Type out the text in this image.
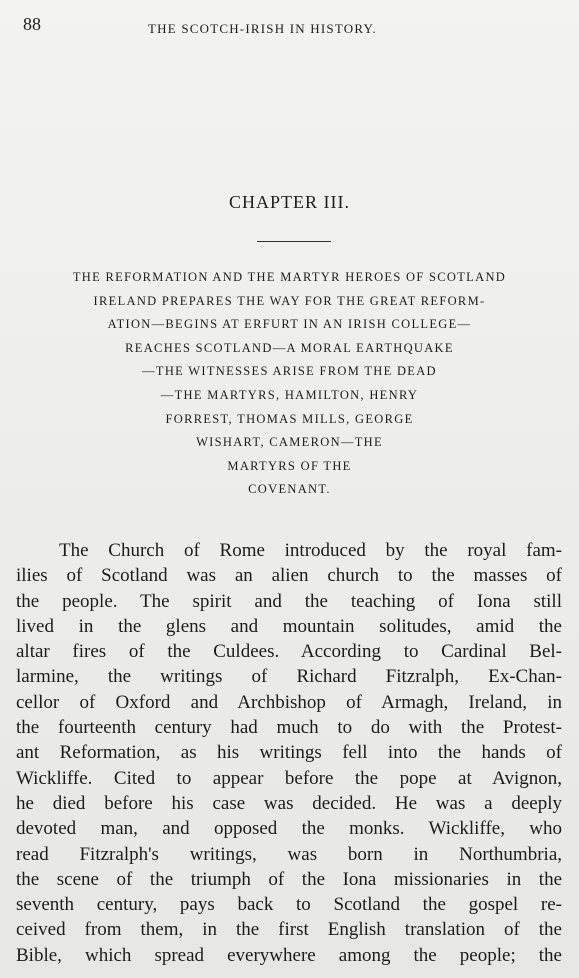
88	THE SCOTCH-IRISH IN HISTORY.
CHAPTER III.
THE REFORMATION AND THE MARTYR HEROES OF SCOTLAND
IRELAND PREPARES THE WAY FOR THE GREAT REFORM-
ATION—BEGINS AT ERFURT IN AN IRISH COLLEGE—
REACHES SCOTLAND—A MORAL EARTHQUAKE
—THE WITNESSES ARISE FROM THE DEAD
—THE MARTYRS, HAMILTON, HENRY
FORREST, THOMAS MILLS, GEORGE
WISHART, CAMERON—THE
MARTYRS OF THE
COVENANT.
The Church of Rome introduced by the royal fam-
ilies of Scotland was an alien church to the masses of
the people. The spirit and the teaching of Iona still
lived in the glens and mountain solitudes, amid the
altar fires of the Culdees. According to Cardinal Bel-
larmine, the writings of Richard Fitzralph, Ex-Chan-
cellor of Oxford and Archbishop of Armagh, Ireland, in
the fourteenth century had much to do with the Protest-
ant Reformation, as his writings fell into the hands of
Wickliffe. Cited to appear before the pope at Avignon,
he died before his case was decided. He was a deeply
devoted man, and opposed the monks. Wickliffe, who
read Fitzralph's writings, was born in Northumbria,
the scene of the triumph of the Iona missionaries in the
seventh century, pays back to Scotland the gospel re-
ceived from them, in the first English translation of the
Bible, which spread everywhere among the people; the
